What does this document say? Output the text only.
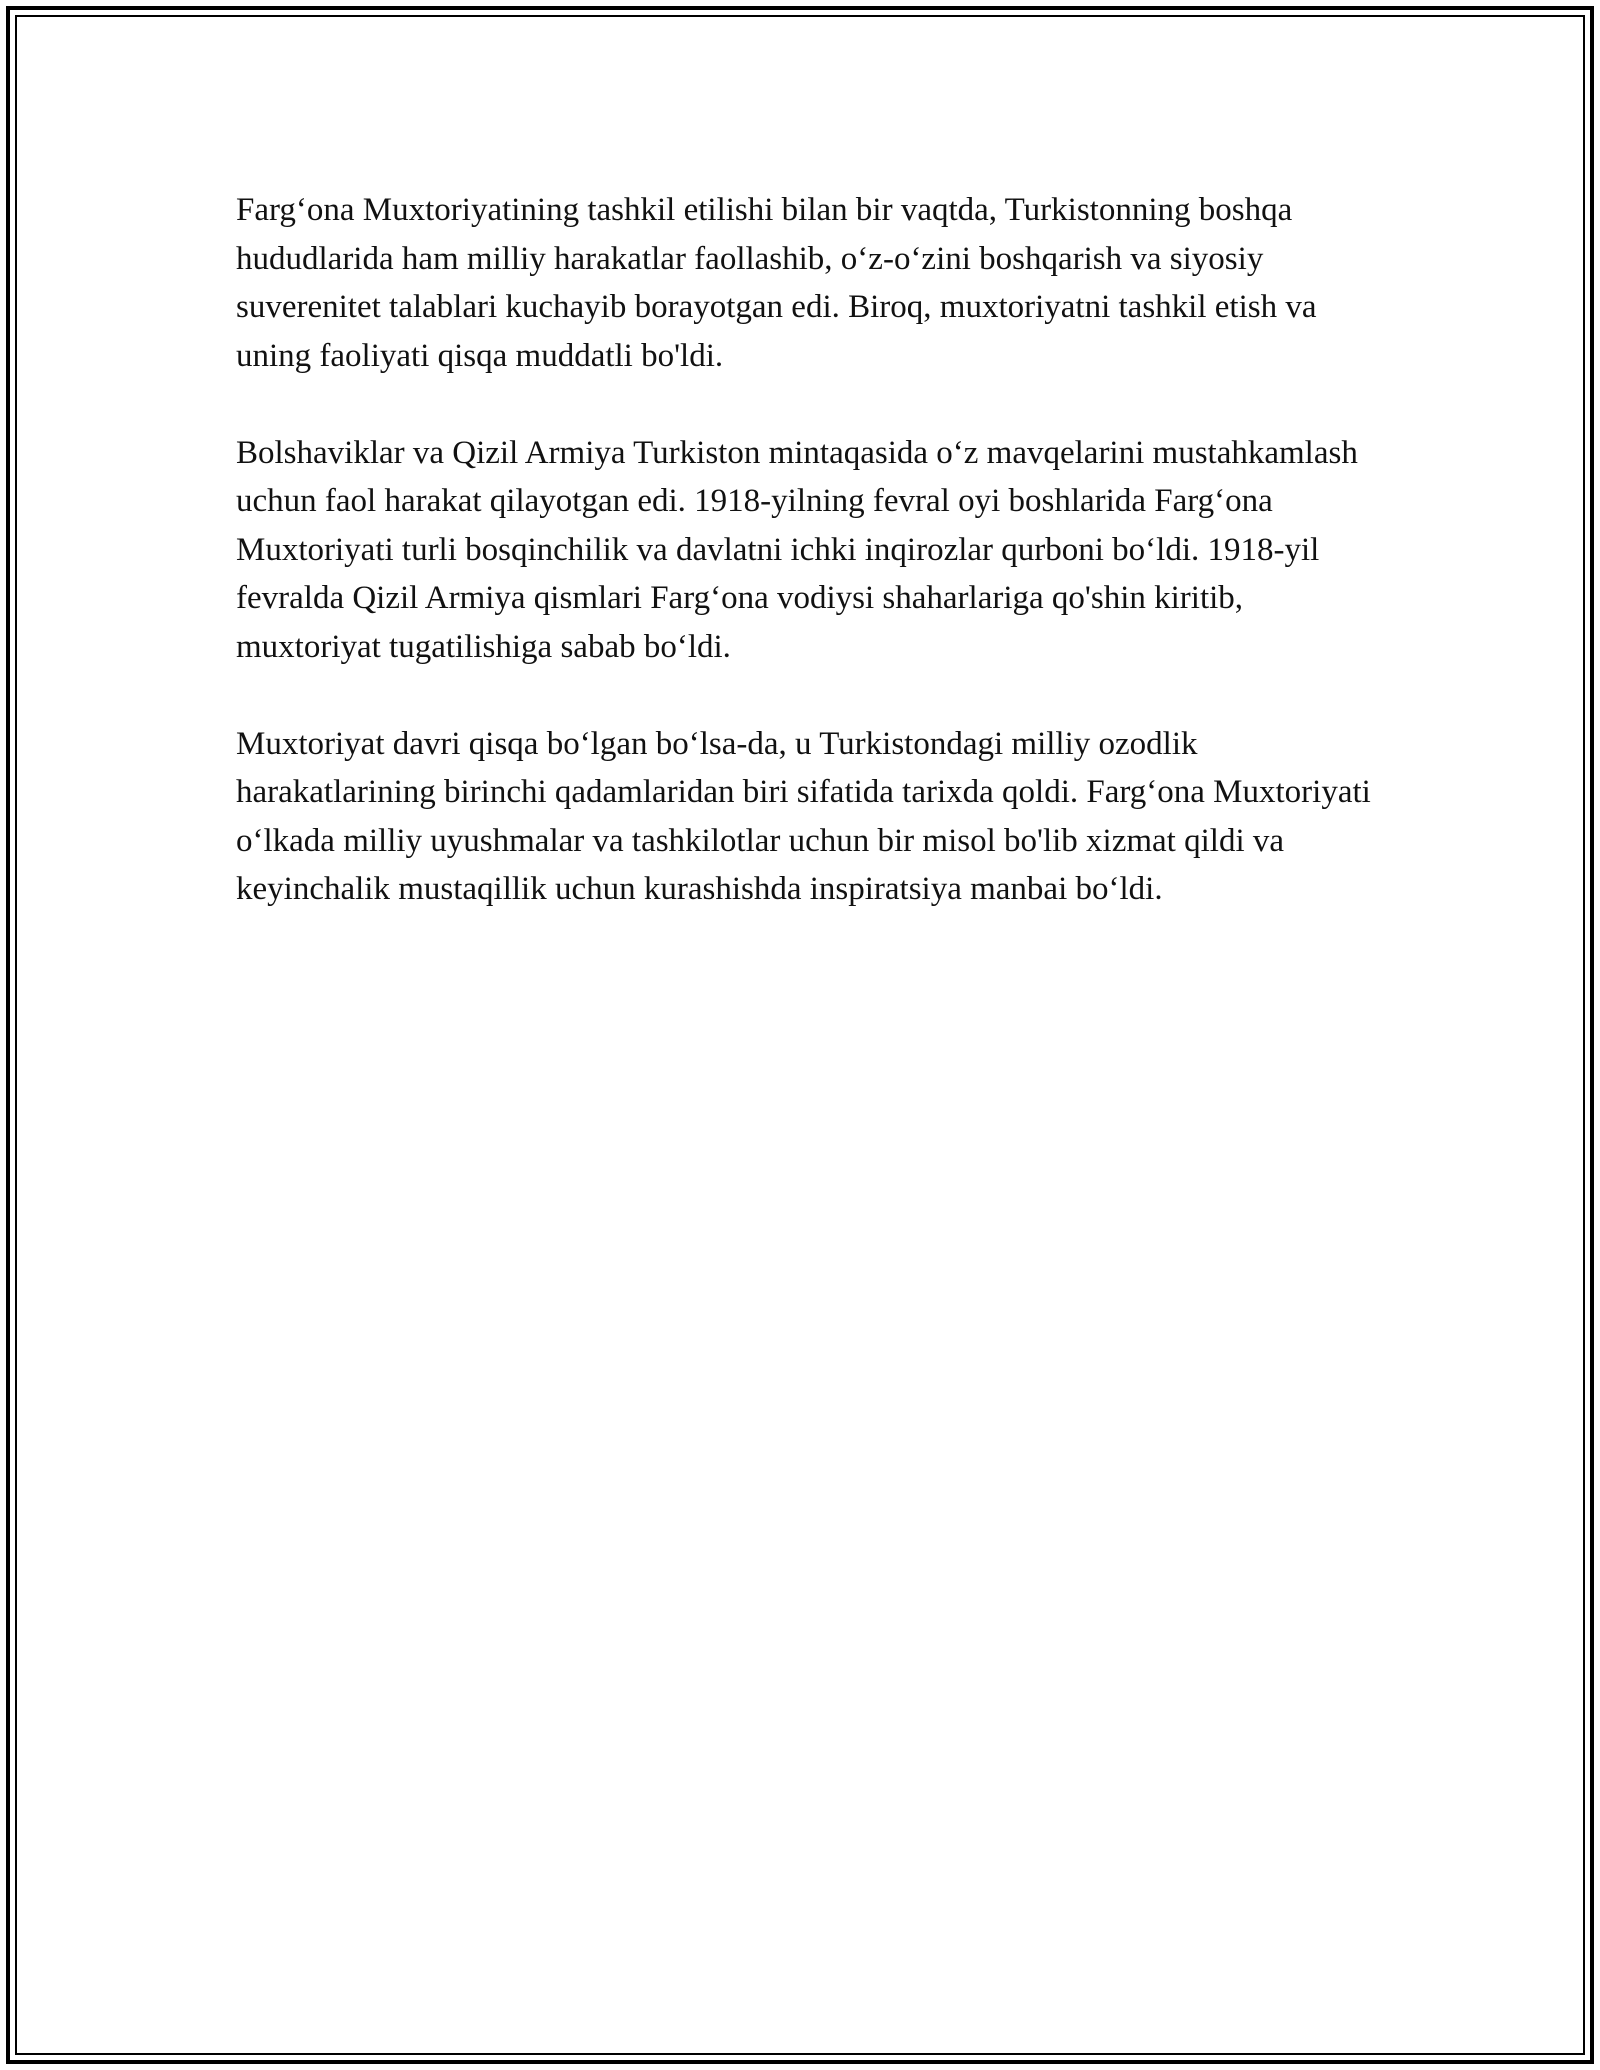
Farg‘ona Muxtoriyatining tashkil etilishi bilan bir vaqtda, Turkistonning boshqa hududlarida ham milliy harakatlar faollashib, o‘z-o‘zini boshqarish va siyosiy suverenitet talablari kuchayib borayotgan edi. Biroq, muxtoriyatni tashkil etish va uning faoliyati qisqa muddatli bo'ldi.

Bolshaviklar va Qizil Armiya Turkiston mintaqasida o‘z mavqelarini mustahkamlash uchun faol harakat qilayotgan edi. 1918-yilning fevral oyi boshlarida Farg‘ona Muxtoriyati turli bosqinchilik va davlatni ichki inqirozlar qurboni bo‘ldi. 1918-yil fevralda Qizil Armiya qismlari Farg‘ona vodiysi shaharlariga qo'shin kiritib, muxtoriyat tugatilishiga sabab bo‘ldi.

Muxtoriyat davri qisqa bo‘lgan bo‘lsa-da, u Turkistondagi milliy ozodlik harakatlarining birinchi qadamlaridan biri sifatida tarixda qoldi. Farg‘ona Muxtoriyati o‘lkada milliy uyushmalar va tashkilotlar uchun bir misol bo'lib xizmat qildi va keyinchalik mustaqillik uchun kurashishda inspiratsiya manbai bo‘ldi.
